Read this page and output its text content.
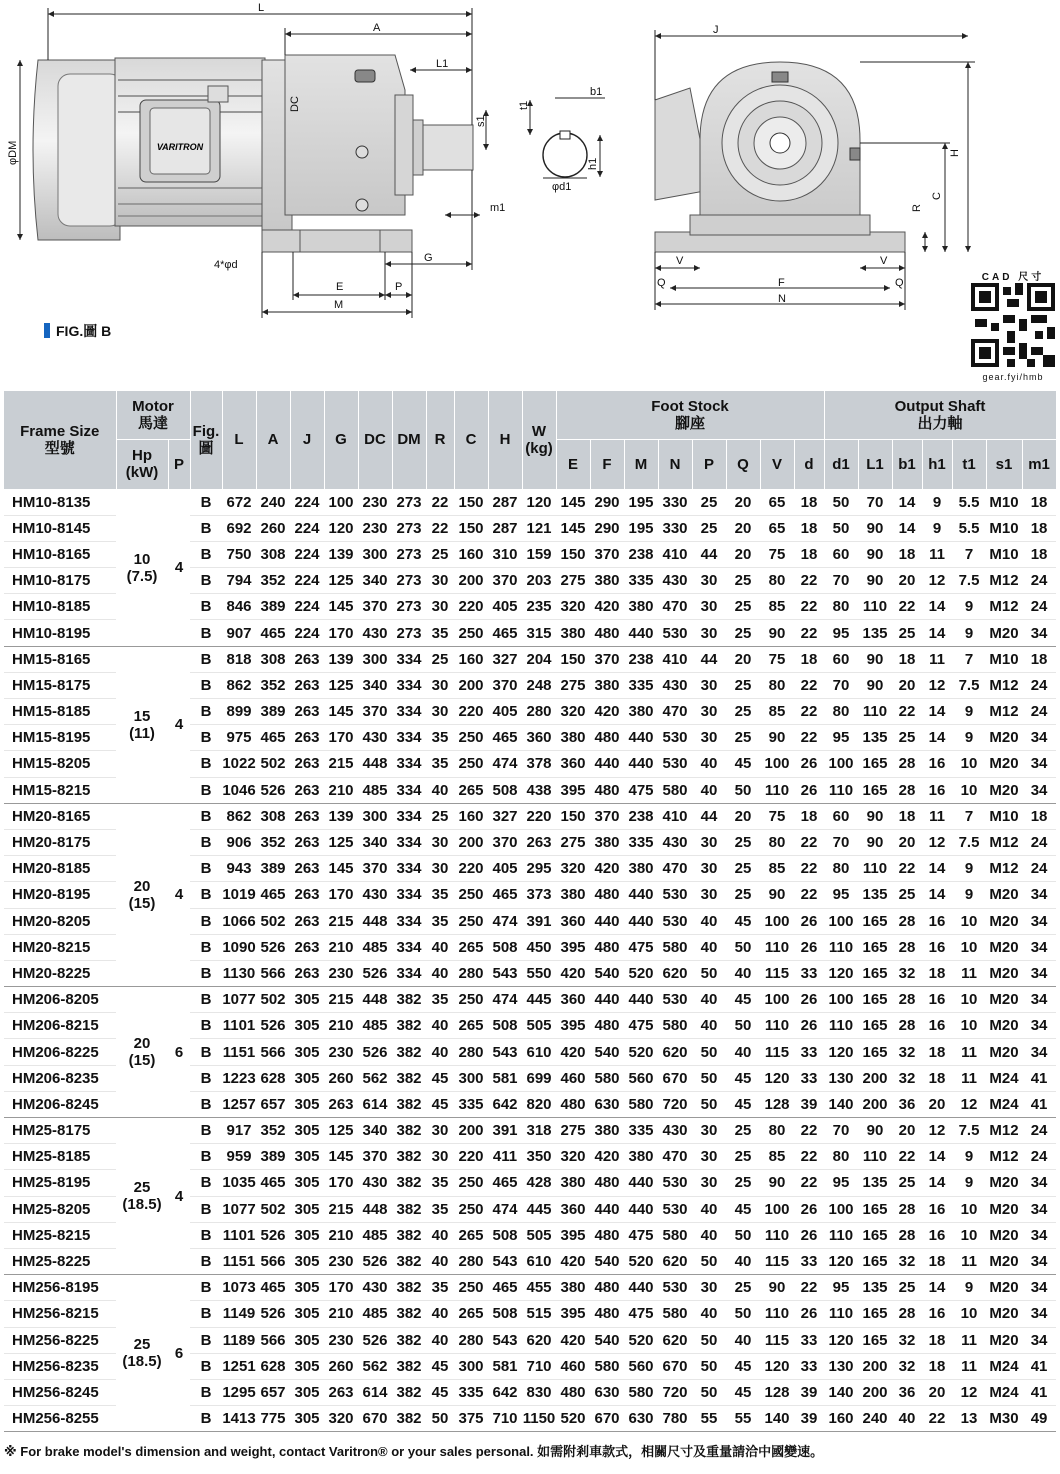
VARITRON
L
A
L1
DC
φDM
m1
4*φd
G
E	P
M
t1
s1
b1
h1
φd1
J
H
C
R
V	V
Q	F
N
Q	CAD 尺寸
gear.fyi/hmb
FIG.圖 B
Frame Size
型號	Motor
馬達		Fig.
圖	L	A	J	G	DC	DM	R	C	H	W
(kg)	Foot Stock
腳座								Output Shaft
出力軸						
	Hp
(kW)	P												E	F	M	N	P	Q	V	d	d1	L1	b1	h1	t1	s1	m1
HM10-8135	10
(7.5)	4	B	672	240	224	100	230	273	22	150	287	120	145	290	195	330	25	20	65	18	50	70	14	9	5.5	M10	18
HM10-8145			B	692	260	224	120	230	273	22	150	287	121	145	290	195	330	25	20	65	18	50	90	14	9	5.5	M10	18
HM10-8165			B	750	308	224	139	300	273	25	160	310	159	150	370	238	410	44	20	75	18	60	90	18	11	7	M10	18
HM10-8175			B	794	352	224	125	340	273	30	200	370	203	275	380	335	430	30	25	80	22	70	90	20	12	7.5	M12	24
HM10-8185			B	846	389	224	145	370	273	30	220	405	235	320	420	380	470	30	25	85	22	80	110	22	14	9	M12	24
HM10-8195			B	907	465	224	170	430	273	35	250	465	315	380	480	440	530	30	25	90	22	95	135	25	14	9	M20	34
HM15-8165	15
(11)	4	B	818	308	263	139	300	334	25	160	327	204	150	370	238	410	44	20	75	18	60	90	18	11	7	M10	18
HM15-8175			B	862	352	263	125	340	334	30	200	370	248	275	380	335	430	30	25	80	22	70	90	20	12	7.5	M12	24
HM15-8185			B	899	389	263	145	370	334	30	220	405	280	320	420	380	470	30	25	85	22	80	110	22	14	9	M12	24
HM15-8195			B	975	465	263	170	430	334	35	250	465	360	380	480	440	530	30	25	90	22	95	135	25	14	9	M20	34
HM15-8205			B	1022	502	263	215	448	334	35	250	474	378	360	440	440	530	40	45	100	26	100	165	28	16	10	M20	34
HM15-8215			B	1046	526	263	210	485	334	40	265	508	438	395	480	475	580	40	50	110	26	110	165	28	16	10	M20	34
HM20-8165	20
(15)	4	B	862	308	263	139	300	334	25	160	327	220	150	370	238	410	44	20	75	18	60	90	18	11	7	M10	18
HM20-8175			B	906	352	263	125	340	334	30	200	370	263	275	380	335	430	30	25	80	22	70	90	20	12	7.5	M12	24
HM20-8185			B	943	389	263	145	370	334	30	220	405	295	320	420	380	470	30	25	85	22	80	110	22	14	9	M12	24
HM20-8195			B	1019	465	263	170	430	334	35	250	465	373	380	480	440	530	30	25	90	22	95	135	25	14	9	M20	34
HM20-8205			B	1066	502	263	215	448	334	35	250	474	391	360	440	440	530	40	45	100	26	100	165	28	16	10	M20	34
HM20-8215			B	1090	526	263	210	485	334	40	265	508	450	395	480	475	580	40	50	110	26	110	165	28	16	10	M20	34
HM20-8225			B	1130	566	263	230	526	334	40	280	543	550	420	540	520	620	50	40	115	33	120	165	32	18	11	M20	34
HM206-8205	20
(15)	6	B	1077	502	305	215	448	382	35	250	474	445	360	440	440	530	40	45	100	26	100	165	28	16	10	M20	34
HM206-8215			B	1101	526	305	210	485	382	40	265	508	505	395	480	475	580	40	50	110	26	110	165	28	16	10	M20	34
HM206-8225			B	1151	566	305	230	526	382	40	280	543	610	420	540	520	620	50	40	115	33	120	165	32	18	11	M20	34
HM206-8235			B	1223	628	305	260	562	382	45	300	581	699	460	580	560	670	50	45	120	33	130	200	32	18	11	M24	41
HM206-8245			B	1257	657	305	263	614	382	45	335	642	820	480	630	580	720	50	45	128	39	140	200	36	20	12	M24	41
HM25-8175	25
(18.5)	4	B	917	352	305	125	340	382	30	200	391	318	275	380	335	430	30	25	80	22	70	90	20	12	7.5	M12	24
HM25-8185			B	959	389	305	145	370	382	30	220	411	350	320	420	380	470	30	25	85	22	80	110	22	14	9	M12	24
HM25-8195			B	1035	465	305	170	430	382	35	250	465	428	380	480	440	530	30	25	90	22	95	135	25	14	9	M20	34
HM25-8205			B	1077	502	305	215	448	382	35	250	474	445	360	440	440	530	40	45	100	26	100	165	28	16	10	M20	34
HM25-8215			B	1101	526	305	210	485	382	40	265	508	505	395	480	475	580	40	50	110	26	110	165	28	16	10	M20	34
HM25-8225			B	1151	566	305	230	526	382	40	280	543	610	420	540	520	620	50	40	115	33	120	165	32	18	11	M20	34
HM256-8195	25
(18.5)	6	B	1073	465	305	170	430	382	35	250	465	455	380	480	440	530	30	25	90	22	95	135	25	14	9	M20	34
HM256-8215			B	1149	526	305	210	485	382	40	265	508	515	395	480	475	580	40	50	110	26	110	165	28	16	10	M20	34
HM256-8225			B	1189	566	305	230	526	382	40	280	543	620	420	540	520	620	50	40	115	33	120	165	32	18	11	M20	34
HM256-8235			B	1251	628	305	260	562	382	45	300	581	710	460	580	560	670	50	45	120	33	130	200	32	18	11	M24	41
HM256-8245			B	1295	657	305	263	614	382	45	335	642	830	480	630	580	720	50	45	128	39	140	200	36	20	12	M24	41
HM256-8255			B	1413	775	305	320	670	382	50	375	710	1150	520	670	630	780	55	55	140	39	160	240	40	22	13	M30	49
※ For brake model's dimension and weight, contact Varitron® or your sales personal. 如需附剎車款式，相關尺寸及重量請洽中國變速。
